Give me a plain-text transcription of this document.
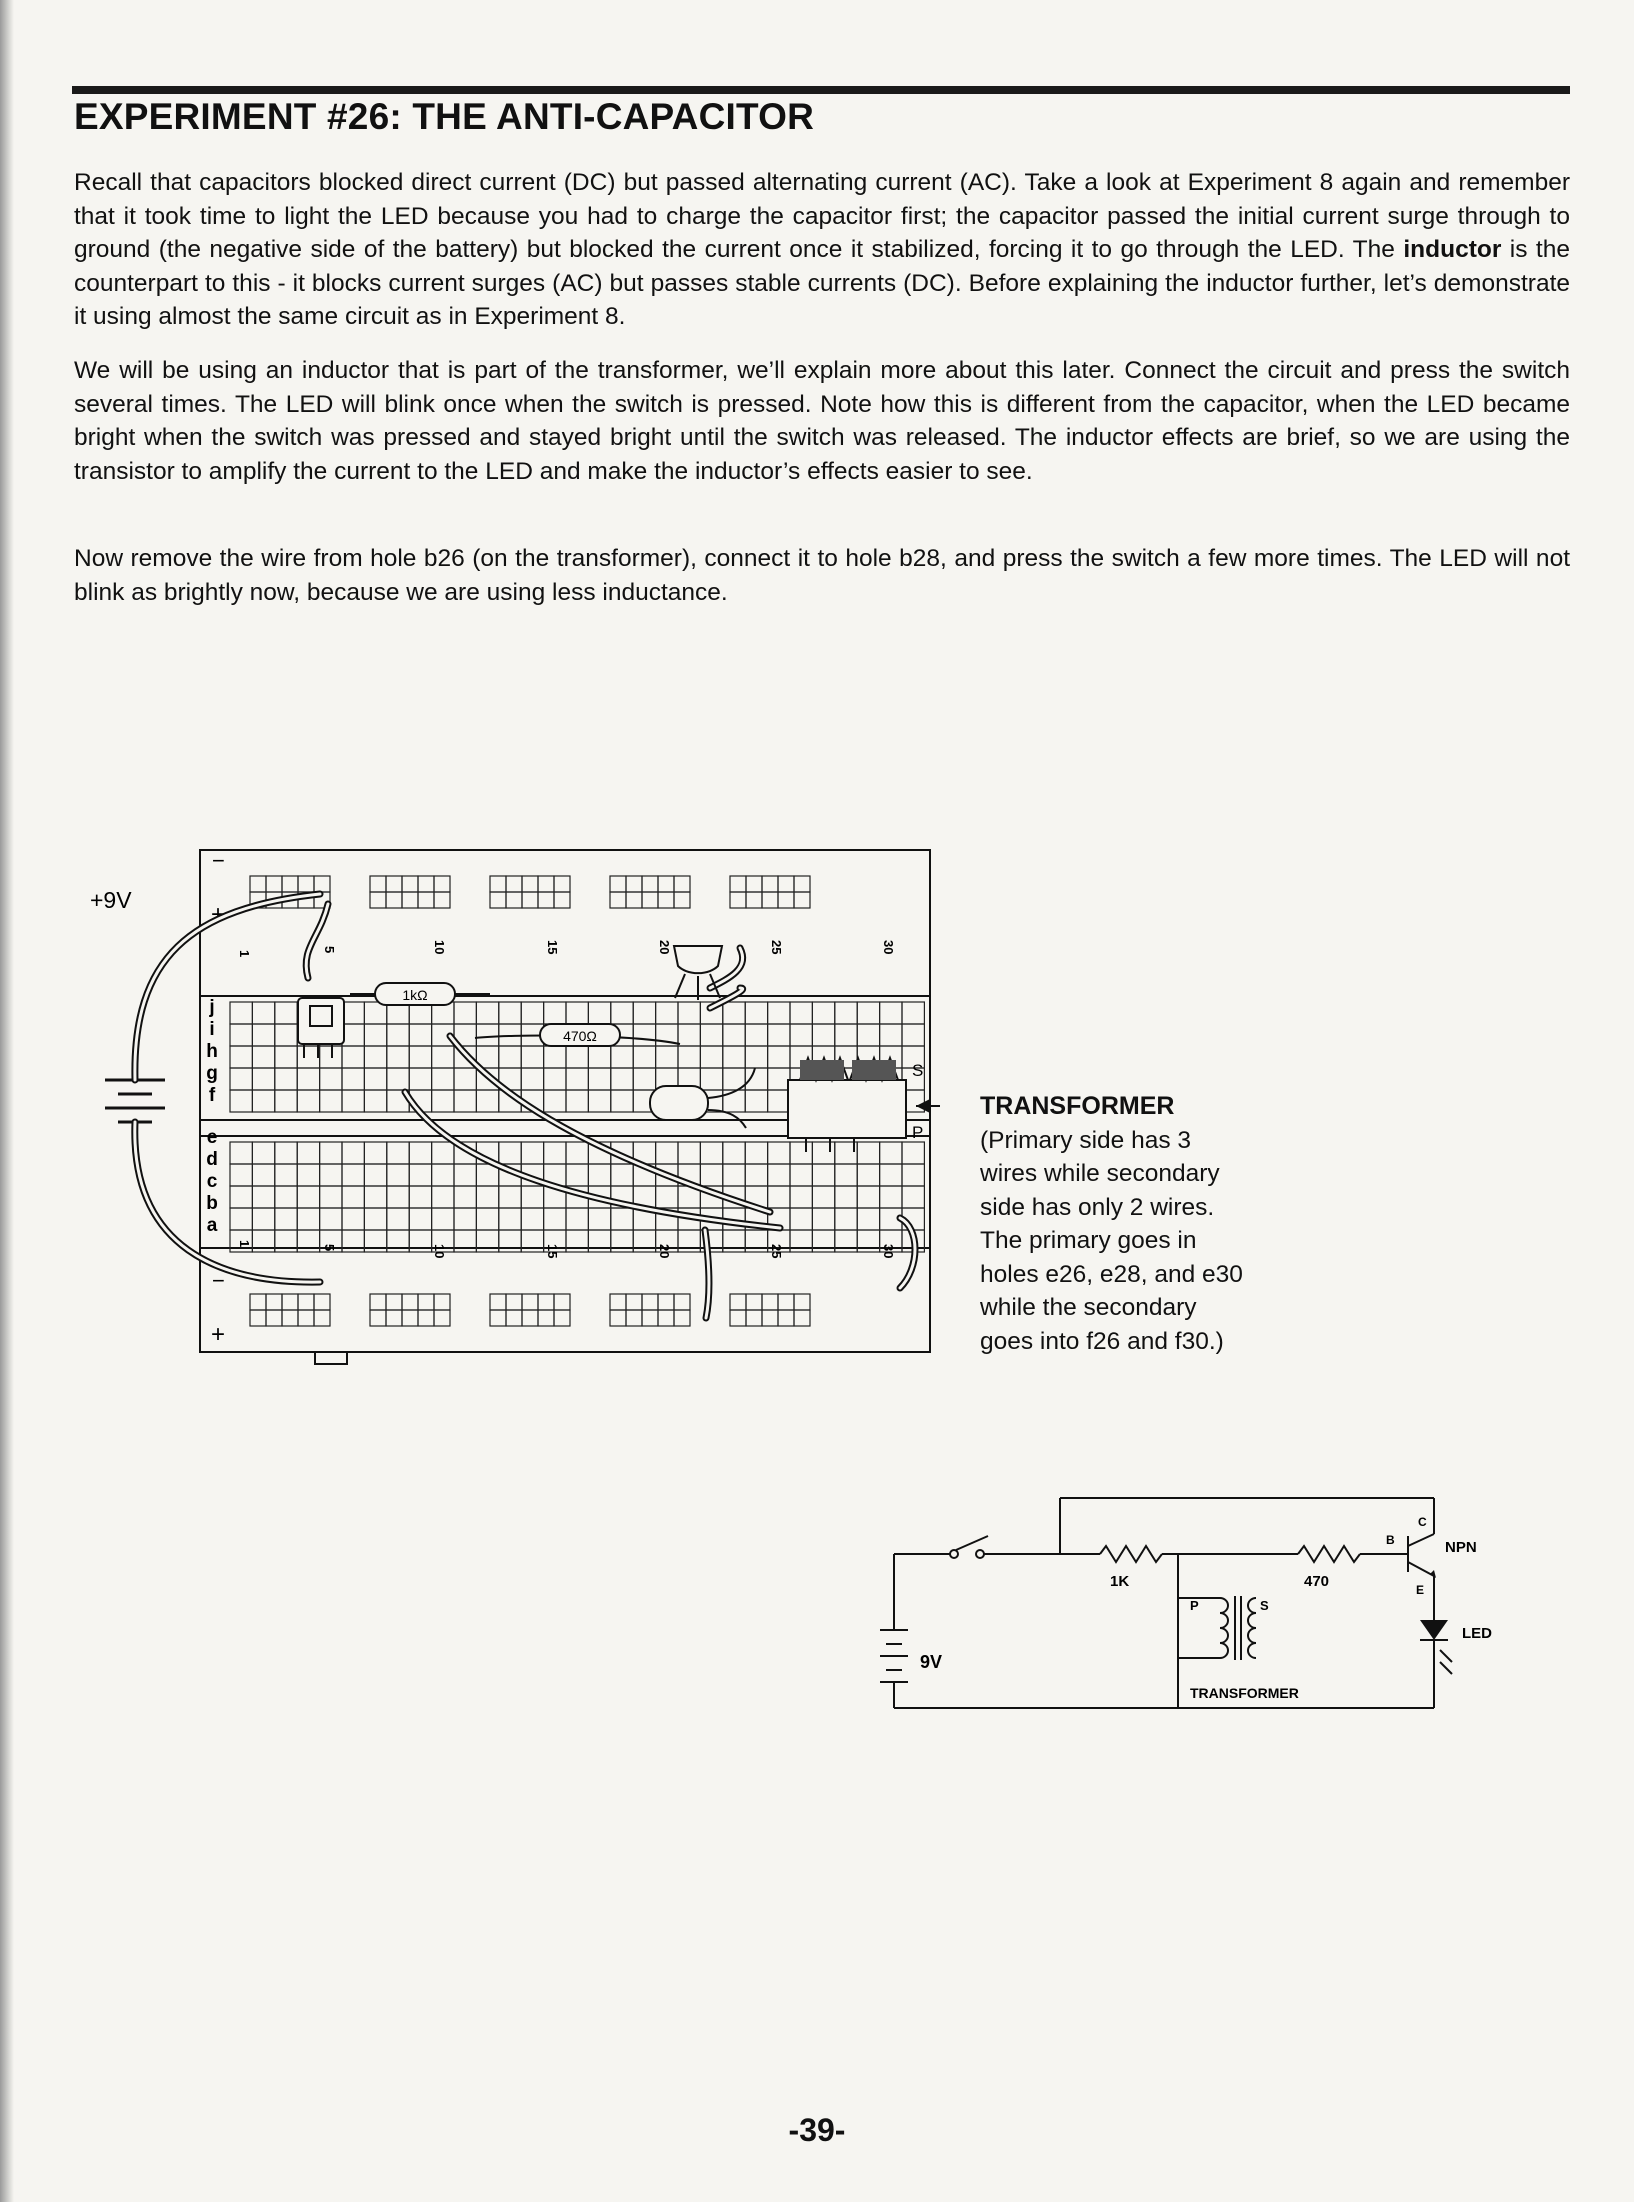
EXPERIMENT #26: THE ANTI-CAPACITOR

Recall that capacitors blocked direct current (DC) but passed alternating current (AC). Take a look at Experiment 8 again and remember that it took time to light the LED because you had to charge the capacitor first; the capacitor passed the initial current surge through to ground (the negative side of the battery) but blocked the current once it stabilized, forcing it to go through the LED. The inductor is the counterpart to this - it blocks current surges (AC) but passes stable currents (DC). Before explaining the inductor further, let’s demonstrate it using almost the same circuit as in Experiment 8.

We will be using an inductor that is part of the transformer, we’ll explain more about this later. Connect the circuit and press the switch several times. The LED will blink once when the switch is pressed. Note how this is different from the capacitor, when the LED became bright when the switch was pressed and stayed bright until the switch was released. The inductor effects are brief, so we are using the transistor to amplify the current to the LED and make the inductor’s effects easier to see.

Now remove the wire from hole b26 (on the transformer), connect it to hole b28, and press the switch a few more times. The LED will not blink as brightly now, because we are using less inductance.

−
+
−
+
+9V
f
g
h
i
j
a
b
c
d
e
1
5	10	15	20	25	30
1
5	10	15	20	25	30
1kΩ
470Ω
S
P
TRANSFORMER
(Primary side has 3
wires while secondary
side has only 2 wires.
The primary goes in
holes e26, e28, and e30
while the secondary
goes into f26 and f30.)
9V
1K	470
P	S
TRANSFORMER
B
C
E
NPN
LED
-39-
